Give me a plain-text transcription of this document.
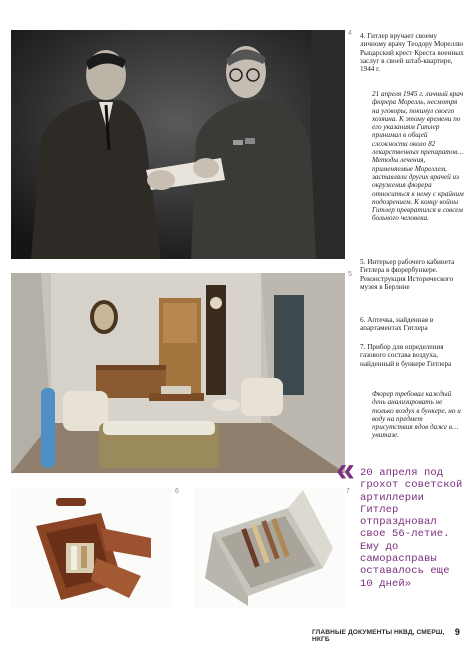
4
5
6	7

4. Гитлер вручает своему личному врачу Теодору Мореллю Рыцарский крест Креста военных заслуг в своей штаб-квартире, 1944 г.

21 апреля 1945 г. личный врач фюрера Морелль, несмотря на уговоры, покинул своего хозяина. К этому времени по его указаниям Гитлер принимал в общей сложности около 82 лекарственных препаратов… Методы лечения, применяемые Мореллем, заставляли других врачей из окружения фюрера относиться к нему с крайним подозрением. К концу войны Гитлер превратился в совсем больного человека.

5. Интерьер рабочего кабинета Гитлера в фюрербункере. Реконструкция Исторического музея в Берлине

6. Аптечка, найденная в апартаментах Гитлера

7. Прибор для определения газового состава воздуха, найденный в бункере Гитлера

Фюрер требовал каждый день анализировать не только воздух в бункере, но и воду на предмет присутствия ядов даже в… унитазе.

« 20 апреля под грохот советской артиллерии Гитлер отпраздновал свое 56-летие. Ему до самоpacпpaвы оставалось еще 10 дней»
ГЛАВНЫЕ ДОКУМЕНТЫ НКВД, СМЕРШ, НКГБ
9
